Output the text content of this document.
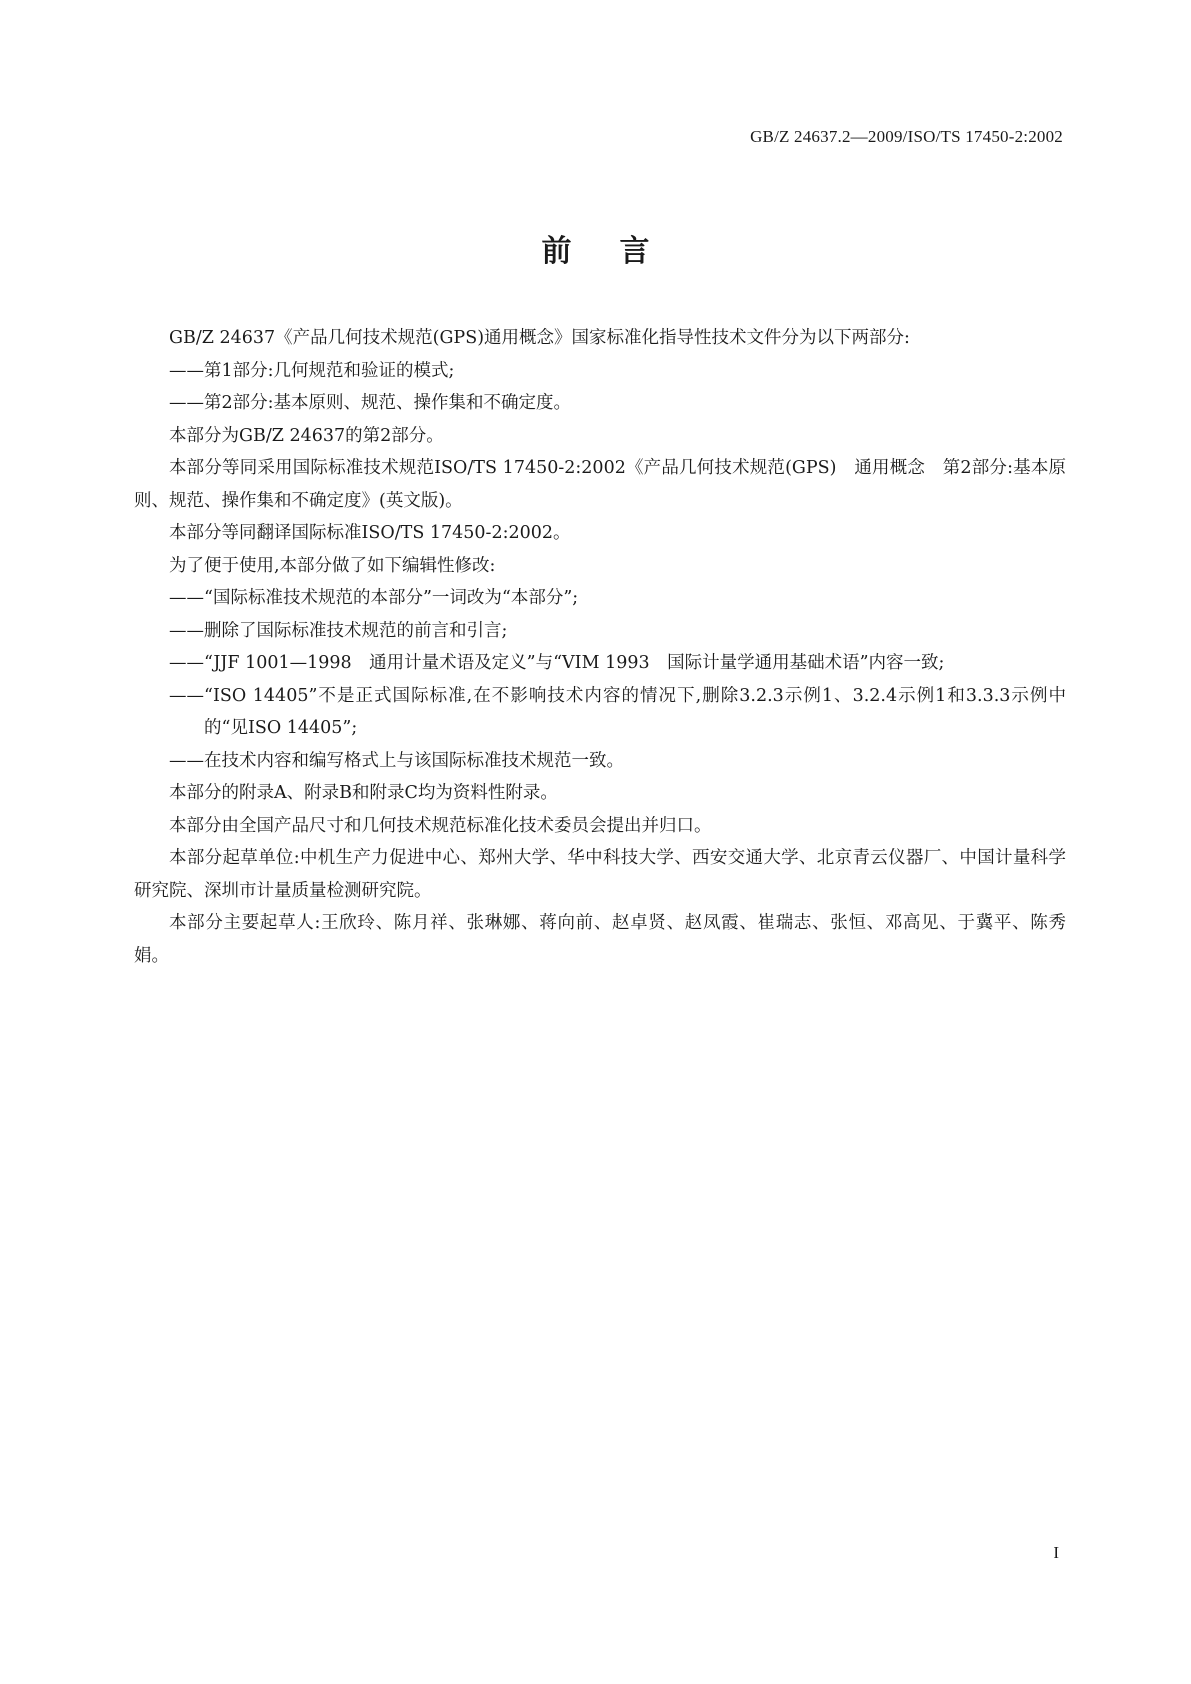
GB/Z 24637.2—2009/ISO/TS 17450-2:2002
前言

GB/Z 24637《产品几何技术规范(GPS)通用概念》国家标准化指导性技术文件分为以下两部分:

——第1部分:几何规范和验证的模式;

——第2部分:基本原则、规范、操作集和不确定度。

本部分为GB/Z 24637的第2部分。

本部分等同采用国际标准技术规范ISO/TS 17450-2:2002《产品几何技术规范(GPS)　通用概念　第2部分:基本原则、规范、操作集和不确定度》(英文版)。

本部分等同翻译国际标准ISO/TS 17450-2:2002。

为了便于使用,本部分做了如下编辑性修改:

——“国际标准技术规范的本部分”一词改为“本部分”;

——删除了国际标准技术规范的前言和引言;

——“JJF 1001—1998　通用计量术语及定义”与“VIM 1993　国际计量学通用基础术语”内容一致;

——“ISO 14405”不是正式国际标准,在不影响技术内容的情况下,删除3.2.3示例1、3.2.4示例1和3.3.3示例中的“见ISO 14405”;

——在技术内容和编写格式上与该国际标准技术规范一致。

本部分的附录A、附录B和附录C均为资料性附录。

本部分由全国产品尺寸和几何技术规范标准化技术委员会提出并归口。

本部分起草单位:中机生产力促进中心、郑州大学、华中科技大学、西安交通大学、北京青云仪器厂、中国计量科学研究院、深圳市计量质量检测研究院。

本部分主要起草人:王欣玲、陈月祥、张琳娜、蒋向前、赵卓贤、赵凤霞、崔瑞志、张恒、邓高见、于冀平、陈秀娟。

I
